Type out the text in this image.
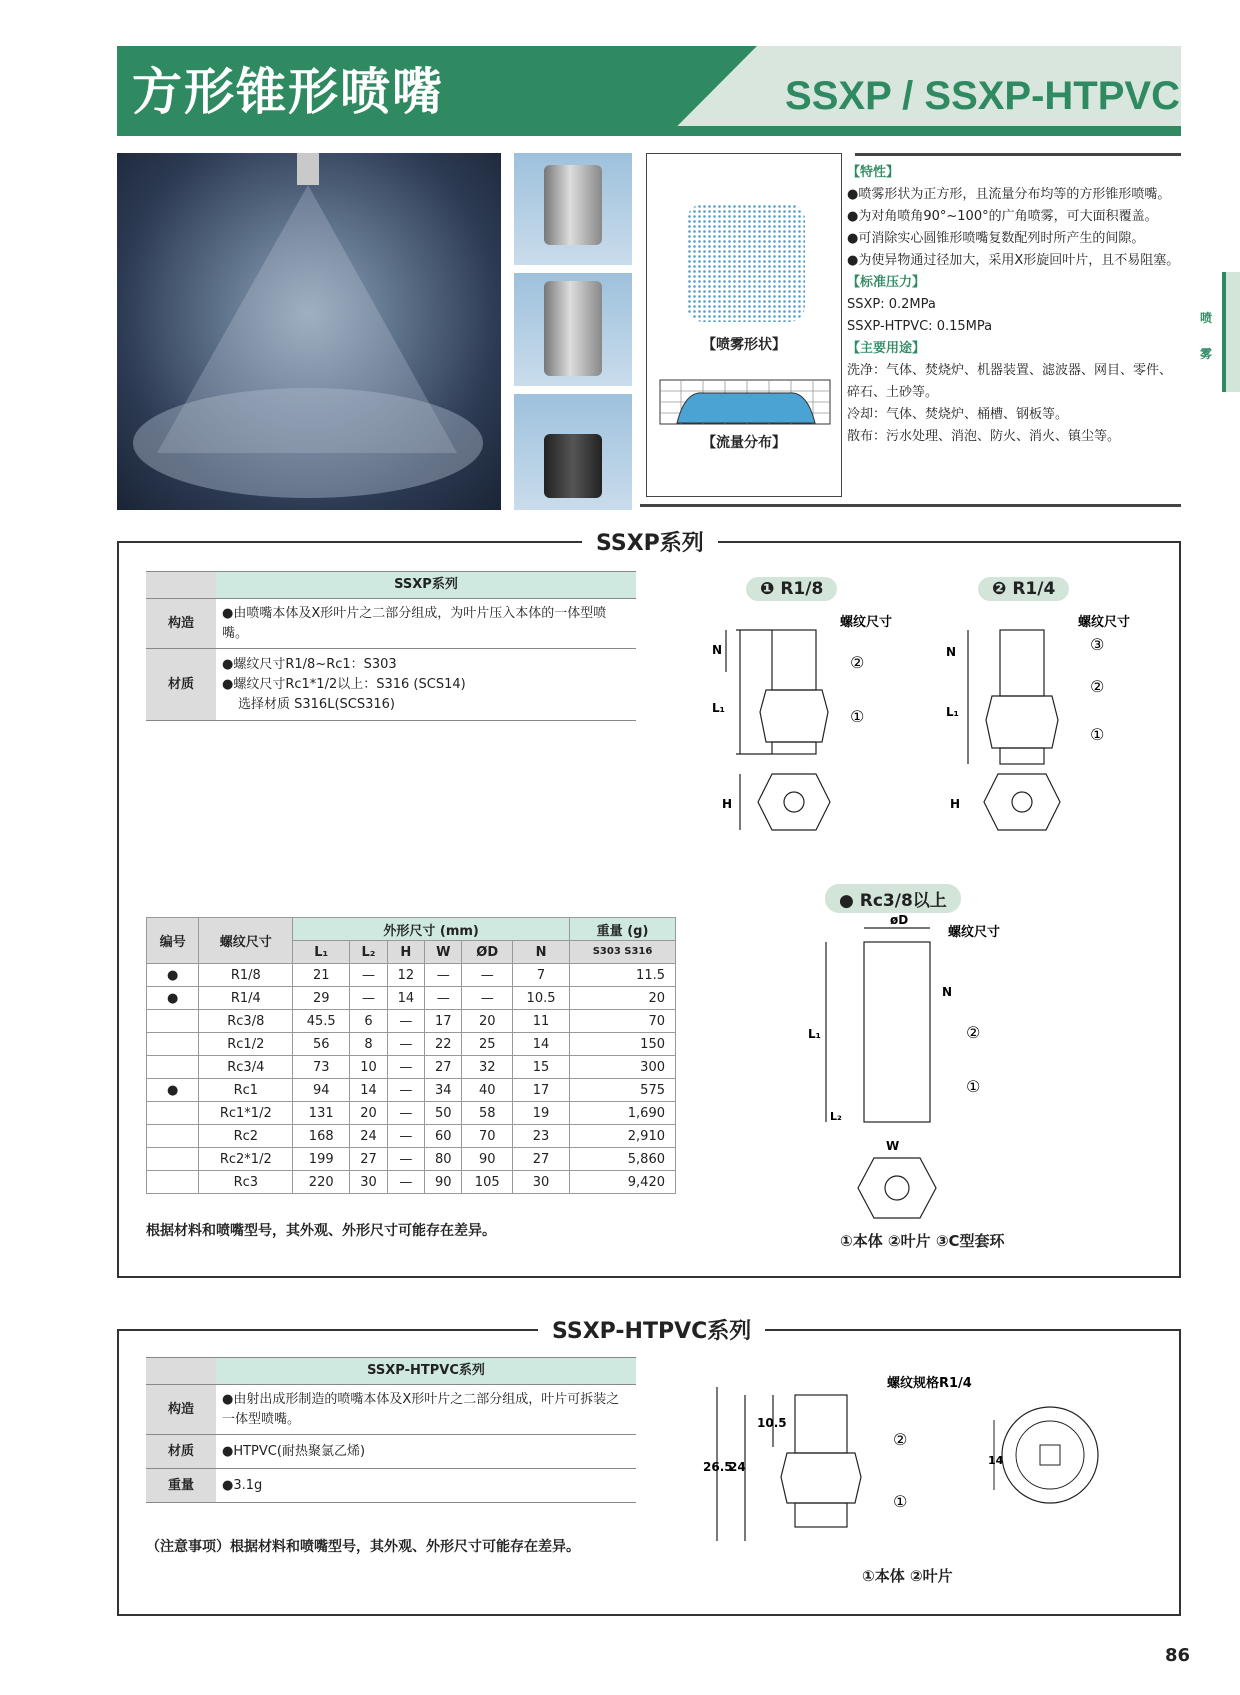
方形锥形喷嘴	SSXP / SSXP-HTPVC
【喷雾形状】
【流量分布】
【特性】
●喷雾形状为正方形，且流量分布均等的方形锥形喷嘴。
●为对角喷角90°~100°的广角喷雾，可大面积覆盖。
●可消除实心圆锥形喷嘴复数配列时所产生的间隙。
●为使异物通过径加大，采用X形旋回叶片，且不易阻塞。
【标准压力】
SSXP: 0.2MPa
SSXP-HTPVC: 0.15MPa
【主要用途】
洗净：气体、焚烧炉、机器装置、滤波器、网目、零件、碎石、土砂等。
冷却：气体、焚烧炉、桶槽、钢板等。
散布：污水处理、消泡、防火、消火、镇尘等。
喷雾
SSXP系列
	SSXP系列
构造	●由喷嘴本体及X形叶片之二部分组成，为叶片压入本体的一体型喷嘴。
材质	●螺纹尺寸R1/8~Rc1：S303
●螺纹尺寸Rc1*1/2以上：S316 (SCS14)
选择材质 S316L(SCS316)
❶ R1/8	❷ R1/4
● Rc3/8以上
N
L₁
H
螺纹尺寸
②
①
N
L₁
H
螺纹尺寸
③
②
①
øD
螺纹尺寸
L₁
L₂
W
N
②
①
①本体 ②叶片 ③C型套环
编号	螺纹尺寸	外形尺寸 (mm)						重量 (g)
		L₁	L₂	H	W	ØD	N	S303 S316
●	R1/8	21	—	12	—	—	7	11.5
●	R1/4	29	—	14	—	—	10.5	20
	Rc3/8	45.5	6	—	17	20	11	70
	Rc1/2	56	8	—	22	25	14	150
	Rc3/4	73	10	—	27	32	15	300
●	Rc1	94	14	—	34	40	17	575
	Rc1*1/2	131	20	—	50	58	19	1,690
	Rc2	168	24	—	60	70	23	2,910
	Rc2*1/2	199	27	—	80	90	27	5,860
	Rc3	220	30	—	90	105	30	9,420
根据材料和喷嘴型号，其外观、外形尺寸可能存在差异。
SSXP-HTPVC系列
	SSXP-HTPVC系列
构造	●由射出成形制造的喷嘴本体及X形叶片之二部分组成，叶片可拆装之一体型喷嘴。
材质	●HTPVC(耐热聚氯乙烯)
重量	●3.1g
（注意事项）根据材料和喷嘴型号，其外观、外形尺寸可能存在差异。
26.5
24
10.5
螺纹规格R1/4
②
①
14
①本体 ②叶片
86
